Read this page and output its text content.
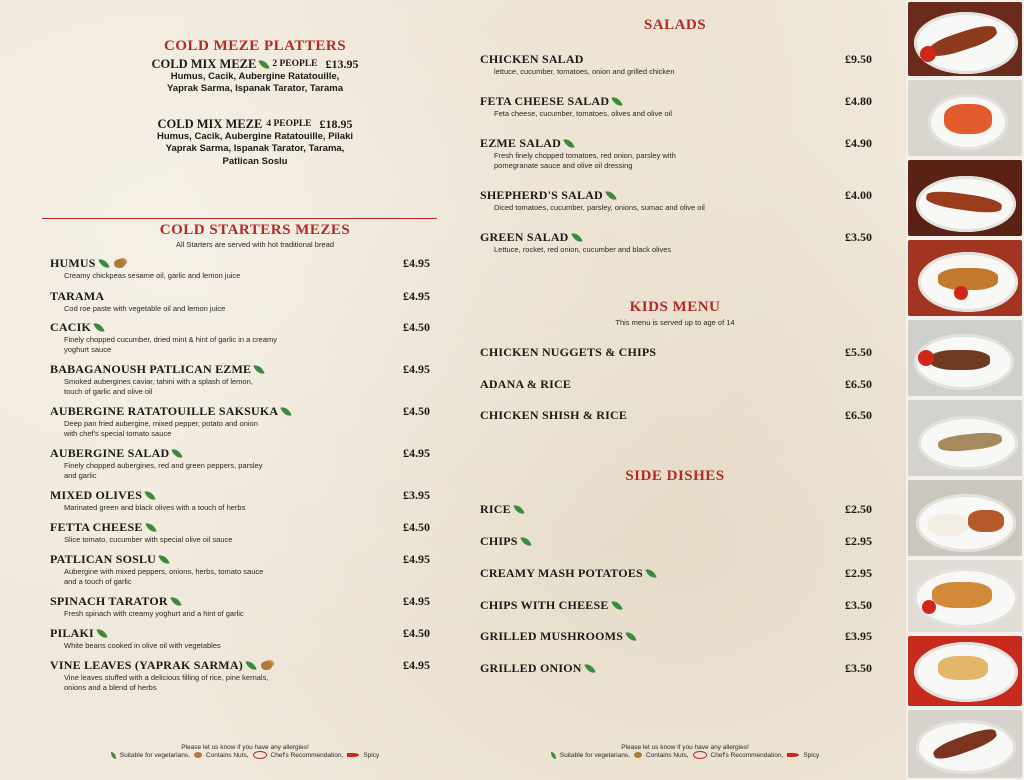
COLD MEZE PLATTERS
COLD MIX MEZE 2 PEOPLE £13.95
Humus, Cacik, Aubergine Ratatouille,
Yaprak Sarma, Ispanak Tarator, Tarama
COLD MIX MEZE 4 PEOPLE £18.95
Humus, Cacik, Aubergine Ratatouille, Pilaki
Yaprak Sarma, Ispanak Tarator, Tarama,
Patlican Soslu
COLD STARTERS MEZES
All Starters are served with hot traditional bread
HUMUS
Creamy chickpeas sesame oil, garlic and lemon juice
£4.95
TARAMA
Cod roe paste with vegetable oil and lemon juice
£4.95
CACIK
Finely chopped cucumber, dried mint & hint of garlic in a creamy
yoghurt sauce
£4.50
BABAGANOUSH PATLICAN EZME
Smoked aubergines caviar, tahini with a splash of lemon,
touch of garlic and olive oil
£4.95
AUBERGINE RATATOUILLE SAKSUKA
Deep pan fried aubergine, mixed pepper, potato and onion
with chef's special tomato sauce
£4.50
AUBERGINE SALAD
Finely chopped aubergines, red and green peppers, parsley
and garlic
£4.95
MIXED OLIVES
Marinated green and black olives with a touch of herbs
£3.95
FETTA CHEESE
Slice tomato, cucumber with special olive oil sauce
£4.50
PATLICAN SOSLU
Aubergine with mixed peppers, onions, herbs, tomato sauce
and a touch of garlic
£4.95
SPINACH TARATOR
Fresh spinach with creamy yoghurt and a hint of garlic
£4.95
PILAKI
White beans cooked in olive oil with vegetables
£4.50
VINE LEAVES (YAPRAK SARMA)
Vine leaves stuffed with a delicious filling of rice, pine kernals,
onions and a blend of herbs
£4.95
SALADS
CHICKEN SALAD
lettuce, cucumber, tomatoes, onion and grilled chicken
£9.50
FETA CHEESE SALAD
Feta cheese, cucumber, tomatoes, olives and olive oil
£4.80
EZME SALAD
Fresh finely chopped tomatoes, red onion, parsley with
pomegranate sauce and olive oil dressing
£4.90
SHEPHERD'S SALAD
Diced tomatoes, cucumber, parsley, onions, sumac and olive oil
£4.00
GREEN SALAD
Lettuce, rocket, red onion, cucumber and black olives
£3.50
KIDS MENU
This menu is served up to age of 14
CHICKEN NUGGETS & CHIPS	£5.50
ADANA & RICE	£6.50
CHICKEN SHISH & RICE	£6.50
SIDE DISHES
RICE	£2.50
CHIPS	£2.95
CREAMY MASH POTATOES	£2.95
CHIPS WITH CHEESE	£3.50
GRILLED MUSHROOMS	£3.95
GRILLED ONION	£3.50
Please let us know if you have any allergies!
Suitable for vegetarians, Contains Nuts,	Chef's Recommendation,	Spicy
Please let us know if you have any allergies!
Suitable for vegetarians, Contains Nuts,	Chef's Recommendation,	Spicy
